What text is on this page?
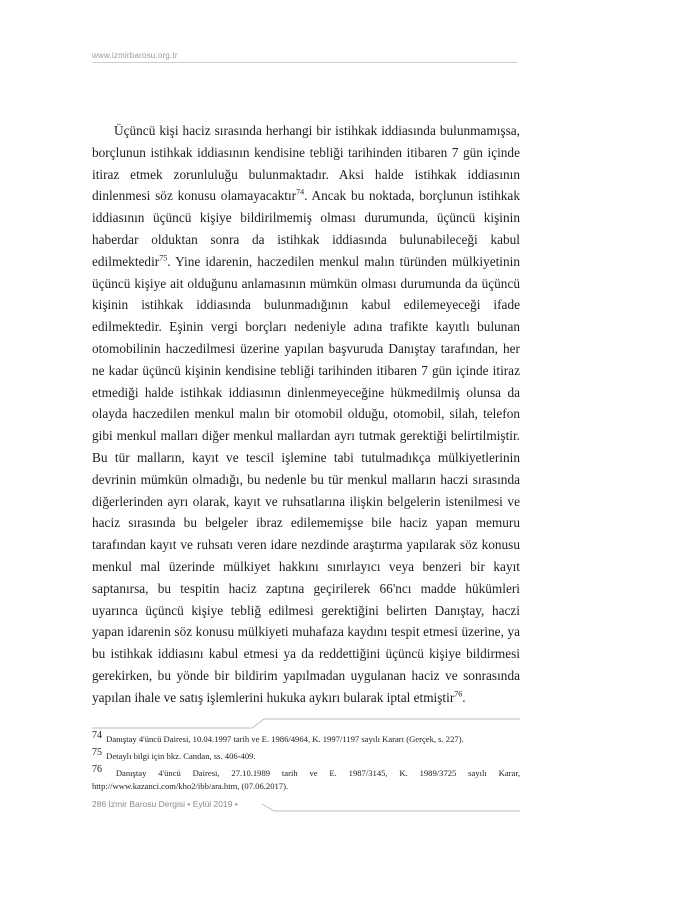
www.izmirbarosu.org.tr

Üçüncü kişi haciz sırasında herhangi bir istihkak iddiasında bulunmamışsa, borçlunun istihkak iddiasının kendisine tebliği tarihinden itibaren 7 gün içinde itiraz etmek zorunluluğu bulunmaktadır. Aksi halde istihkak iddiasının dinlenmesi söz konusu olamayacaktır$^{74}$. Ancak bu noktada, borçlunun istihkak iddiasının üçüncü kişiye bildirilmemiş olması durumunda, üçüncü kişinin haberdar olduktan sonra da istihkak iddiasında bulunabileceği kabul edilmektedir$^{75}$. Yine idarenin, haczedilen menkul malın türünden mülkiyetinin üçüncü kişiye ait olduğunu anlamasının mümkün olması durumunda da üçüncü kişinin istihkak iddiasında bulunmadığının kabul edilemeyeceği ifade edilmektedir. Eşinin vergi borçları nedeniyle adına trafikte kayıtlı bulunan otomobilinin haczedilmesi üzerine yapılan başvuruda Danıştay tarafından, her ne kadar üçüncü kişinin kendisine tebliği tarihinden itibaren 7 gün içinde itiraz etmediği halde istihkak iddiasının dinlenmeyeceğine hükmedilmiş olunsa da olayda haczedilen menkul malın bir otomobil olduğu, otomobil, silah, telefon gibi menkul malları diğer menkul mallardan ayrı tutmak gerektiği belirtilmiştir. Bu tür malların, kayıt ve tescil işlemine tabi tutulmadıkça mülkiyetlerinin devrinin mümkün olmadığı, bu nedenle bu tür menkul malların haczi sırasında diğerlerinden ayrı olarak, kayıt ve ruhsatlarına ilişkin belgelerin istenilmesi ve haciz sırasında bu belgeler ibraz edilememişse bile haciz yapan memuru tarafından kayıt ve ruhsatı veren idare nezdinde araştırma yapılarak söz konusu menkul mal üzerinde mülkiyet hakkını sınırlayıcı veya benzeri bir kayıt saptanırsa, bu tespitin haciz zaptına geçirilerek 66'ncı madde hükümleri uyarınca üçüncü kişiye tebliğ edilmesi gerektiğini belirten Danıştay, haczi yapan idarenin söz konusu mülkiyeti muhafaza kaydını tespit etmesi üzerine, ya bu istihkak iddiasını kabul etmesi ya da reddettiğini üçüncü kişiye bildirmesi gerekirken, bu yönde bir bildirim yapılmadan uygulanan haciz ve sonrasında yapılan ihale ve satış işlemlerini hukuka aykırı bularak iptal etmiştir$^{76}$.

74 Danıştay 4'üncü Dairesi, 10.04.1997 tarih ve E. 1986/4964, K. 1997/1197 sayılı Kararı (Gerçek, s. 227).

75 Detaylı bilgi için bkz. Candan, ss. 406-409.

76 Danıştay 4'üncü Dairesi, 27.10.1989 tarih ve E. 1987/3145, K. 1989/3725 sayılı Karar, http://www.kazanci.com/kho2/ibb/ara.htm, (07.06.2017).

286 İzmir Barosu Dergisi • Eylül 2019 •
